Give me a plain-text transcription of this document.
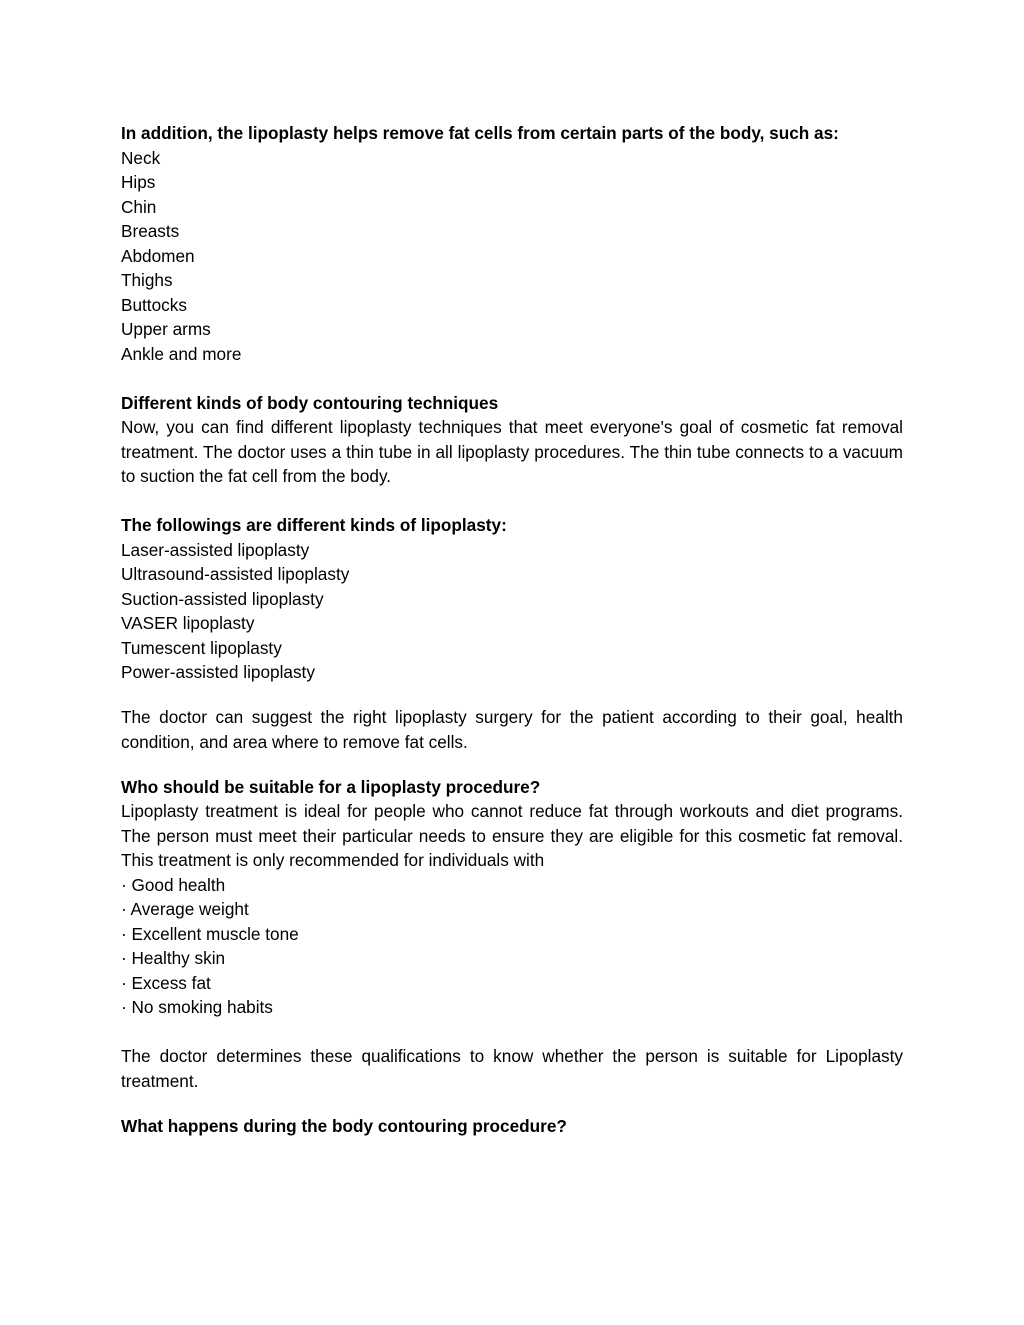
In addition, the lipoplasty helps remove fat cells from certain parts of the body, such as:

Neck
Hips
Chin
Breasts
Abdomen
Thighs
Buttocks
Upper arms
Ankle and more

Different kinds of body contouring techniques

Now, you can find different lipoplasty techniques that meet everyone's goal of cosmetic fat removal treatment. The doctor uses a thin tube in all lipoplasty procedures. The thin tube connects to a vacuum to suction the fat cell from the body.

The followings are different kinds of lipoplasty:

Laser-assisted lipoplasty
Ultrasound-assisted lipoplasty
Suction-assisted lipoplasty
VASER lipoplasty
Tumescent lipoplasty
Power-assisted lipoplasty

The doctor can suggest the right lipoplasty surgery for the patient according to their goal, health condition, and area where to remove fat cells.

Who should be suitable for a lipoplasty procedure?

Lipoplasty treatment is ideal for people who cannot reduce fat through workouts and diet programs. The person must meet their particular needs to ensure they are eligible for this cosmetic fat removal. This treatment is only recommended for individuals with

· Good health
· Average weight
· Excellent muscle tone
· Healthy skin
· Excess fat
· No smoking habits

The doctor determines these qualifications to know whether the person is suitable for Lipoplasty treatment.

What happens during the body contouring procedure?
